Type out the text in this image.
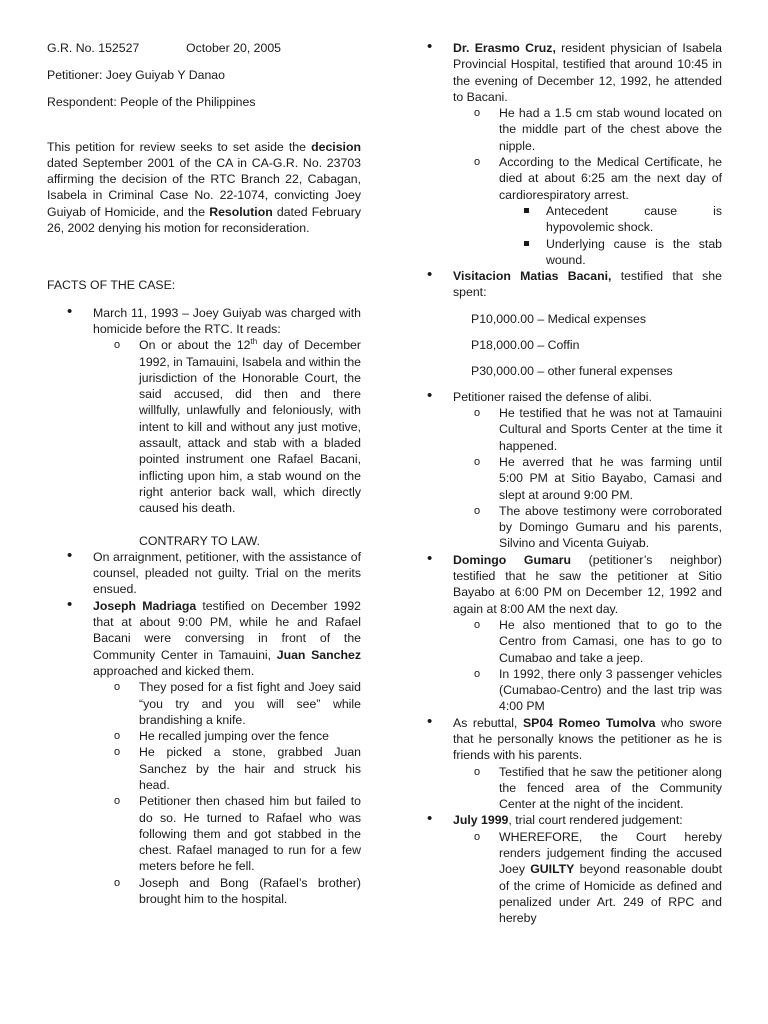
G.R. No. 152527	October 20, 2005

Petitioner: Joey Guiyab Y Danao

Respondent: People of the Philippines

This petition for review seeks to set aside the decision dated September 2001 of the CA in CA-G.R. No. 23703 affirming the decision of the RTC Branch 22, Cabagan, Isabela in Criminal Case No. 22-1074, convicting Joey Guiyab of Homicide, and the Resolution dated February 26, 2002 denying his motion for reconsideration.

FACTS OF THE CASE:

• March 11, 1993 – Joey Guiyab was charged with homicide before the RTC. It reads:
o On or about the 12th day of December 1992, in Tamauini, Isabela and within the jurisdiction of the Honorable Court, the said accused, did then and there willfully, unlawfully and feloniously, with intent to kill and without any just motive, assault, attack and stab with a bladed pointed instrument one Rafael Bacani, inflicting upon him, a stab wound on the right anterior back wall, which directly caused his death.

CONTRARY TO LAW.

• On arraignment, petitioner, with the assistance of counsel, pleaded not guilty. Trial on the merits ensued.
• Joseph Madriaga testified on December 1992 that at about 9:00 PM, while he and Rafael Bacani were conversing in front of the Community Center in Tamauini, Juan Sanchez approached and kicked them.
o They posed for a fist fight and Joey said “you try and you will see” while brandishing a knife.
o He recalled jumping over the fence
o He picked a stone, grabbed Juan Sanchez by the hair and struck his head.
o Petitioner then chased him but failed to do so. He turned to Rafael who was following them and got stabbed in the chest. Rafael managed to run for a few meters before he fell.
o Joseph and Bong (Rafael’s brother) brought him to the hospital.
• Dr. Erasmo Cruz, resident physician of Isabela Provincial Hospital, testified that around 10:45 in the evening of December 12, 1992, he attended to Bacani.
o He had a 1.5 cm stab wound located on the middle part of the chest above the nipple.
o According to the Medical Certificate, he died at about 6:25 am the next day of cardiorespiratory arrest.
Antecedent cause is hypovolemic shock.
Underlying cause is the stab wound.
• Visitacion Matias Bacani, testified that she spent:

P10,000.00 – Medical expenses

P18,000.00 – Coffin

P30,000.00 – other funeral expenses

• Petitioner raised the defense of alibi.
o He testified that he was not at Tamauini Cultural and Sports Center at the time it happened.
o He averred that he was farming until 5:00 PM at Sitio Bayabo, Camasi and slept at around 9:00 PM.
o The above testimony were corroborated by Domingo Gumaru and his parents, Silvino and Vicenta Guiyab.
• Domingo Gumaru (petitioner’s neighbor) testified that he saw the petitioner at Sitio Bayabo at 6:00 PM on December 12, 1992 and again at 8:00 AM the next day.
o He also mentioned that to go to the Centro from Camasi, one has to go to Cumabao and take a jeep.
o In 1992, there only 3 passenger vehicles (Cumabao-Centro) and the last trip was 4:00 PM
• As rebuttal, SP04 Romeo Tumolva who swore that he personally knows the petitioner as he is friends with his parents.
o Testified that he saw the petitioner along the fenced area of the Community Center at the night of the incident.
• July 1999, trial court rendered judgement:
o WHEREFORE, the Court hereby renders judgement finding the accused Joey GUILTY beyond reasonable doubt of the crime of Homicide as defined and penalized under Art. 249 of RPC and hereby
